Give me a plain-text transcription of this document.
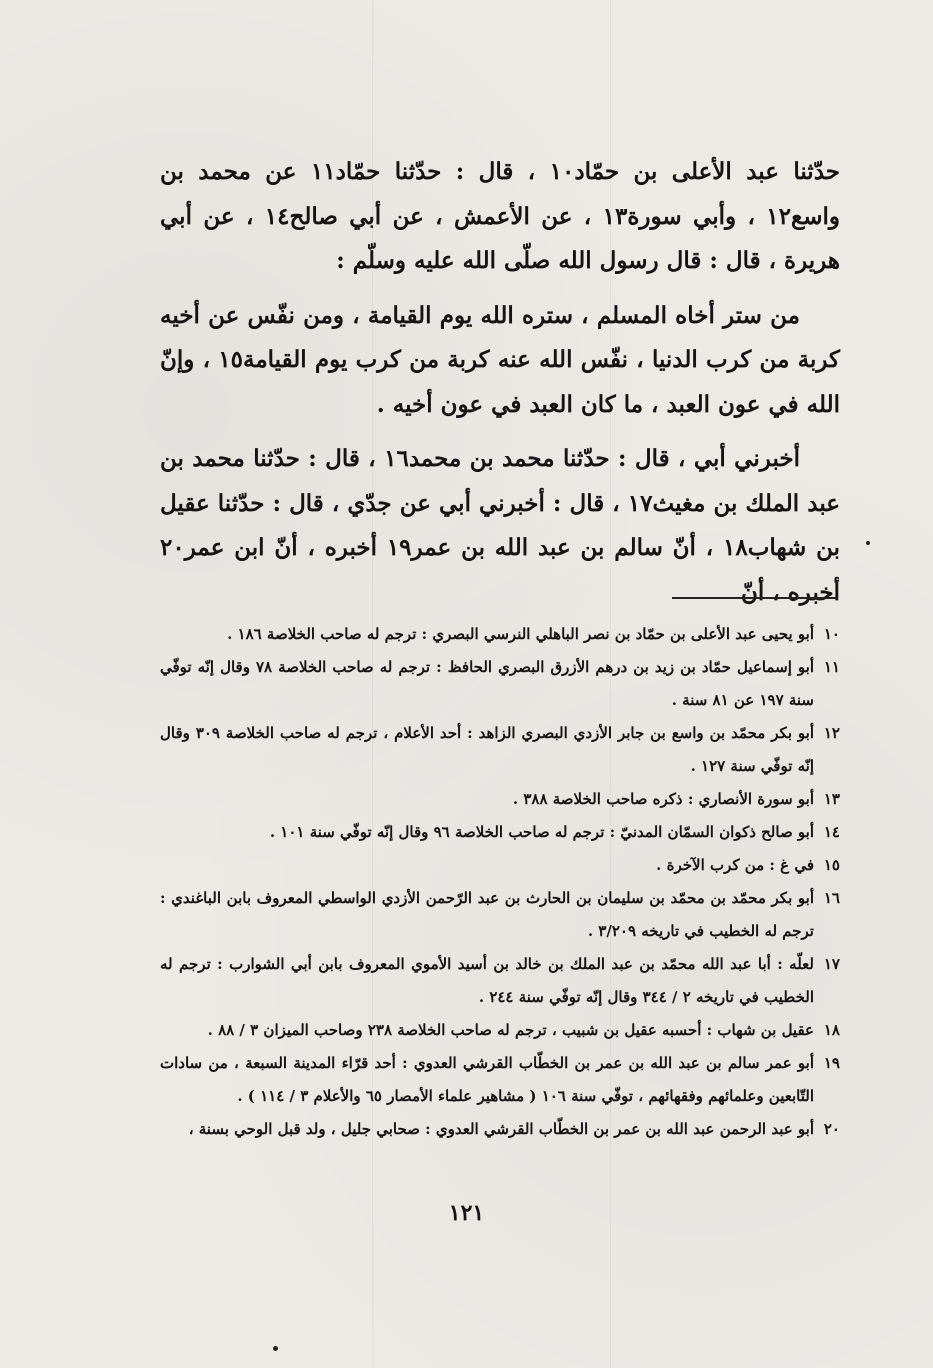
حدّثنا عبد الأعلى بن حمّاد١٠ ، قال : حدّثنا حمّاد١١ عن محمد بن واسع١٢ ، وأبي سورة١٣ ، عن الأعمش ، عن أبي صالح١٤ ، عن أبي هريرة ، قال : قال رسول الله صلّى الله عليه وسلّم :

من ستر أخاه المسلم ، ستره الله يوم القيامة ، ومن نفّس عن أخيه كربة من كرب الدنيا ، نفّس الله عنه كربة من كرب يوم القيامة١٥ ، وإنّ الله في عون العبد ، ما كان العبد في عون أخيه .

أخبرني أبي ، قال : حدّثنا محمد بن محمد١٦ ، قال : حدّثنا محمد بن عبد الملك بن مغيث١٧ ، قال : أخبرني أبي عن جدّي ، قال : حدّثنا عقيل بن شهاب١٨ ، أنّ سالم بن عبد الله بن عمر١٩ أخبره ، أنّ ابن عمر٢٠ أخبره ، أنّ

١٠
أبو يحيى عبد الأعلى بن حمّاد بن نصر الباهلي النرسي البصري : ترجم له صاحب الخلاصة ١٨٦ .
١١
أبو إسماعيل حمّاد بن زيد بن درهم الأزرق البصري الحافظ : ترجم له صاحب الخلاصة ٧٨ وقال إنّه توفّي سنة ١٩٧ عن ٨١ سنة .
١٢
أبو بكر محمّد بن واسع بن جابر الأزدي البصري الزاهد : أحد الأعلام ، ترجم له صاحب الخلاصة ٣٠٩ وقال إنّه توفّي سنة ١٢٧ .
١٣
أبو سورة الأنصاري : ذكره صاحب الخلاصة ٣٨٨ .
١٤
أبو صالح ذكوان السمّان المدنيّ : ترجم له صاحب الخلاصة ٩٦ وقال إنّه توفّي سنة ١٠١ .
١٥
في غ : من كرب الآخرة .
١٦
أبو بكر محمّد بن محمّد بن سليمان بن الحارث بن عبد الرّحمن الأزدي الواسطي المعروف بابن الباغندي : ترجم له الخطيب في تاريخه ٣/٢٠٩ .
١٧
لعلّه : أبا عبد الله محمّد بن عبد الملك بن خالد بن أسيد الأموي المعروف بابن أبي الشوارب : ترجم له الخطيب في تاريخه ٢ / ٣٤٤ وقال إنّه توفّي سنة ٢٤٤ .
١٨
عقيل بن شهاب : أحسبه عقيل بن شبيب ، ترجم له صاحب الخلاصة ٢٣٨ وصاحب الميزان ٣ / ٨٨ .
١٩
أبو عمر سالم بن عبد الله بن عمر بن الخطّاب القرشي العدوي : أحد قرّاء المدينة السبعة ، من سادات التّابعين وعلمائهم وفقهائهم ، توفّي سنة ١٠٦ ( مشاهير علماء الأمصار ٦٥ والأعلام ٣ / ١١٤ ) .
٢٠
أبو عبد الرحمن عبد الله بن عمر بن الخطّاب القرشي العدوي : صحابي جليل ، ولد قبل الوحي بسنة ،
١٢١
